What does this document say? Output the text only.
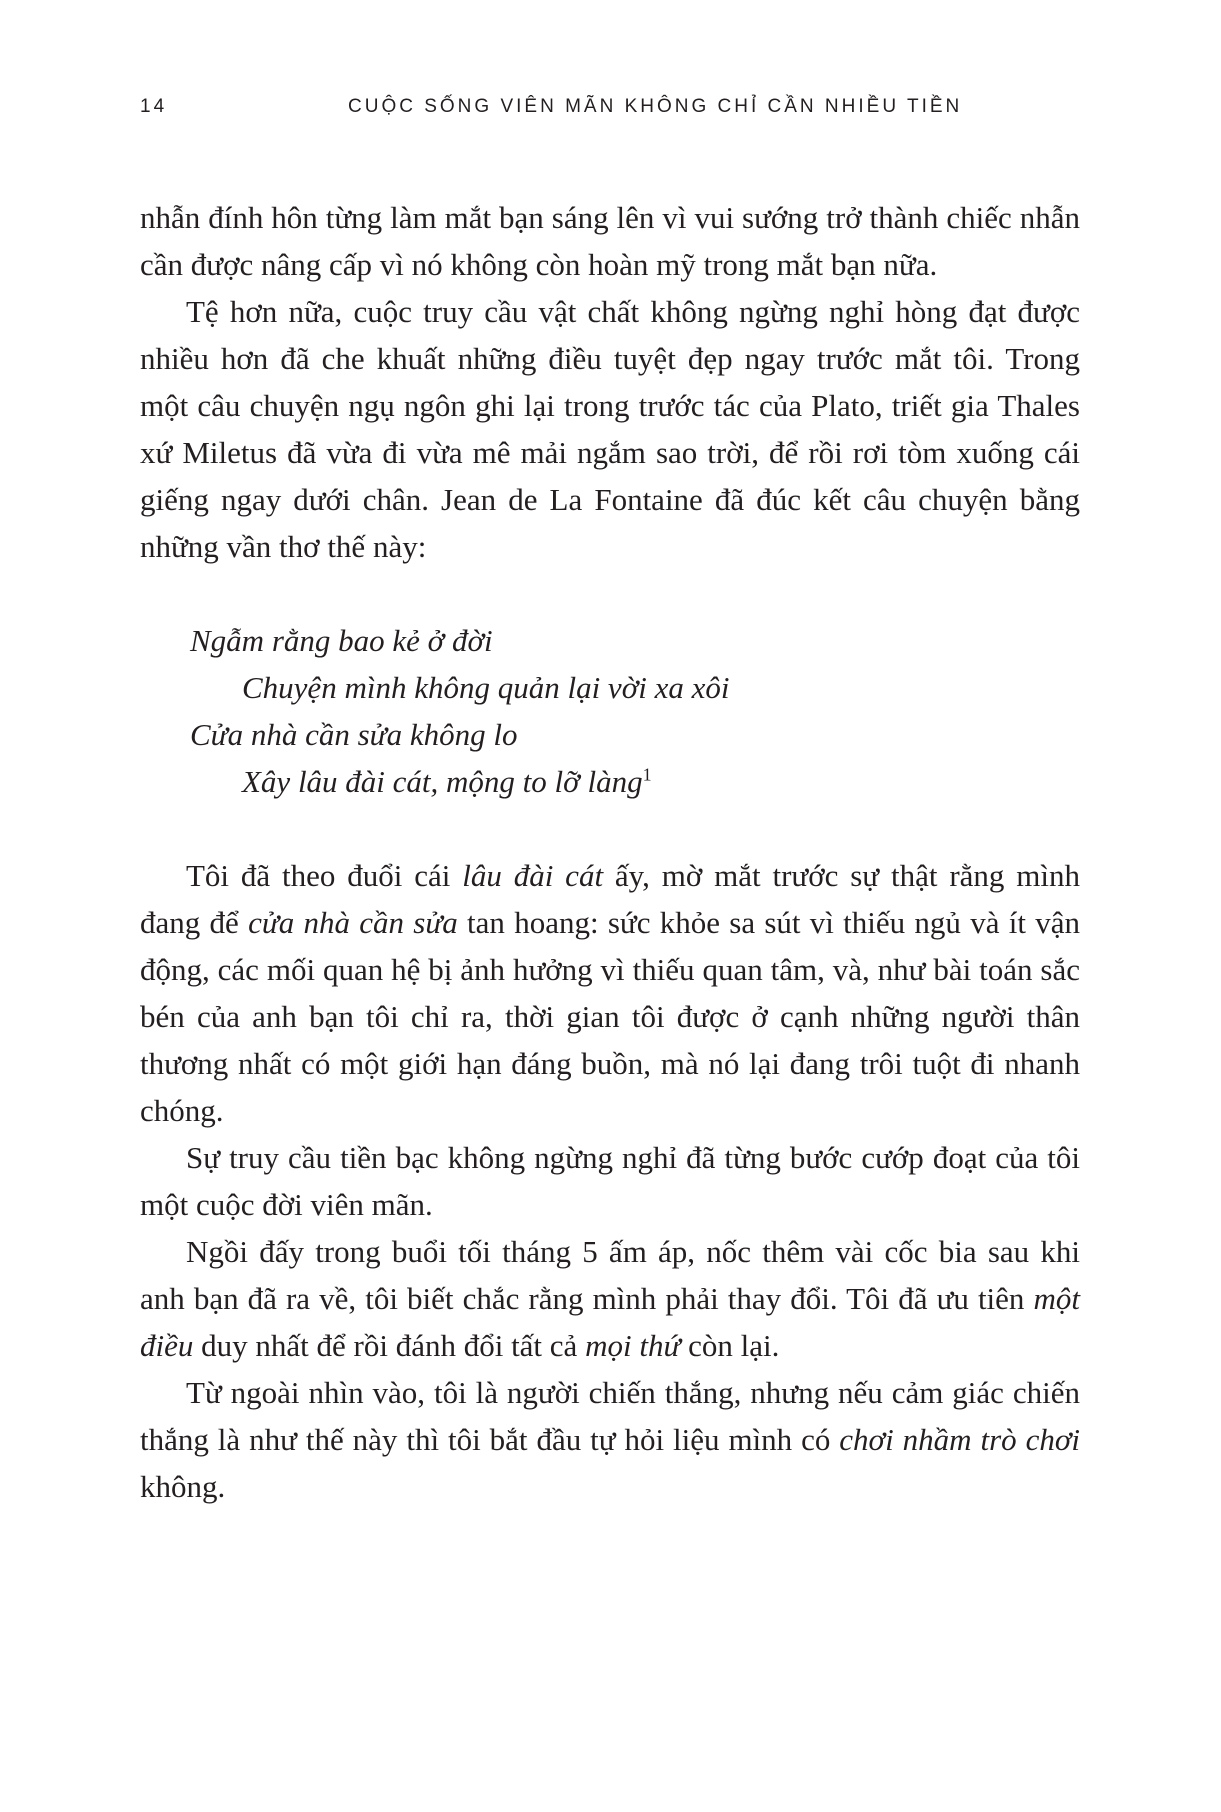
14	CUỘC SỐNG VIÊN MÃN KHÔNG CHỈ CẦN NHIỀU TIỀN

nhẫn đính hôn từng làm mắt bạn sáng lên vì vui sướng trở thành chiếc nhẫn cần được nâng cấp vì nó không còn hoàn mỹ trong mắt bạn nữa.

Tệ hơn nữa, cuộc truy cầu vật chất không ngừng nghỉ hòng đạt được nhiều hơn đã che khuất những điều tuyệt đẹp ngay trước mắt tôi. Trong một câu chuyện ngụ ngôn ghi lại trong trước tác của Plato, triết gia Thales xứ Miletus đã vừa đi vừa mê mải ngắm sao trời, để rồi rơi tòm xuống cái giếng ngay dưới chân. Jean de La Fontaine đã đúc kết câu chuyện bằng những vần thơ thế này:

Ngẫm rằng bao kẻ ở đời
Chuyện mình không quản lại vời xa xôi
Cửa nhà cần sửa không lo
Xây lâu đài cát, mộng to lỡ làng$^1$

Tôi đã theo đuổi cái lâu đài cát ấy, mờ mắt trước sự thật rằng mình đang để cửa nhà cần sửa tan hoang: sức khỏe sa sút vì thiếu ngủ và ít vận động, các mối quan hệ bị ảnh hưởng vì thiếu quan tâm, và, như bài toán sắc bén của anh bạn tôi chỉ ra, thời gian tôi được ở cạnh những người thân thương nhất có một giới hạn đáng buồn, mà nó lại đang trôi tuột đi nhanh chóng.

Sự truy cầu tiền bạc không ngừng nghỉ đã từng bước cướp đoạt của tôi một cuộc đời viên mãn.

Ngồi đấy trong buổi tối tháng 5 ấm áp, nốc thêm vài cốc bia sau khi anh bạn đã ra về, tôi biết chắc rằng mình phải thay đổi. Tôi đã ưu tiên một điều duy nhất để rồi đánh đổi tất cả mọi thứ còn lại.

Từ ngoài nhìn vào, tôi là người chiến thắng, nhưng nếu cảm giác chiến thắng là như thế này thì tôi bắt đầu tự hỏi liệu mình có chơi nhầm trò chơi không.
